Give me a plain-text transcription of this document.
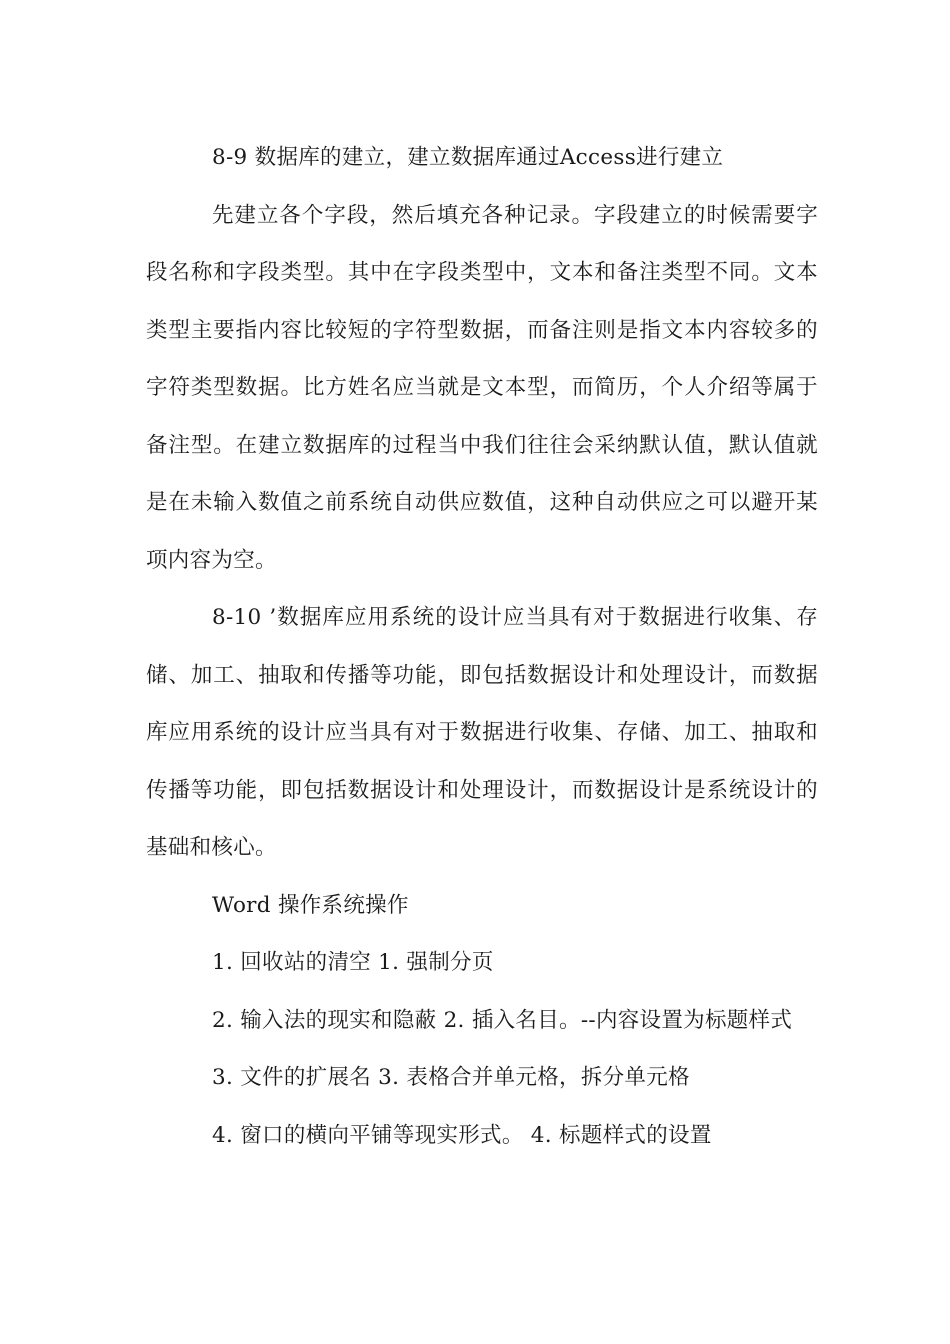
8-9 数据库的建立，建立数据库通过Access进行建立

先建立各个字段，然后填充各种记录。字段建立的时候需要字段名称和字段类型。其中在字段类型中，文本和备注类型不同。文本类型主要指内容比较短的字符型数据，而备注则是指文本内容较多的字符类型数据。比方姓名应当就是文本型，而简历，个人介绍等属于备注型。在建立数据库的过程当中我们往往会采纳默认值，默认值就是在未输入数值之前系统自动供应数值，这种自动供应之可以避开某项内容为空。

8-10 ’数据库应用系统的设计应当具有对于数据进行收集、存储、加工、抽取和传播等功能，即包括数据设计和处理设计，而数据库应用系统的设计应当具有对于数据进行收集、存储、加工、抽取和传播等功能，即包括数据设计和处理设计，而数据设计是系统设计的基础和核心。

Word 操作系统操作

1. 回收站的清空 1. 强制分页

2. 输入法的现实和隐蔽 2. 插入名目。--内容设置为标题样式

3. 文件的扩展名 3. 表格合并单元格，拆分单元格

4. 窗口的横向平铺等现实形式。 4. 标题样式的设置
